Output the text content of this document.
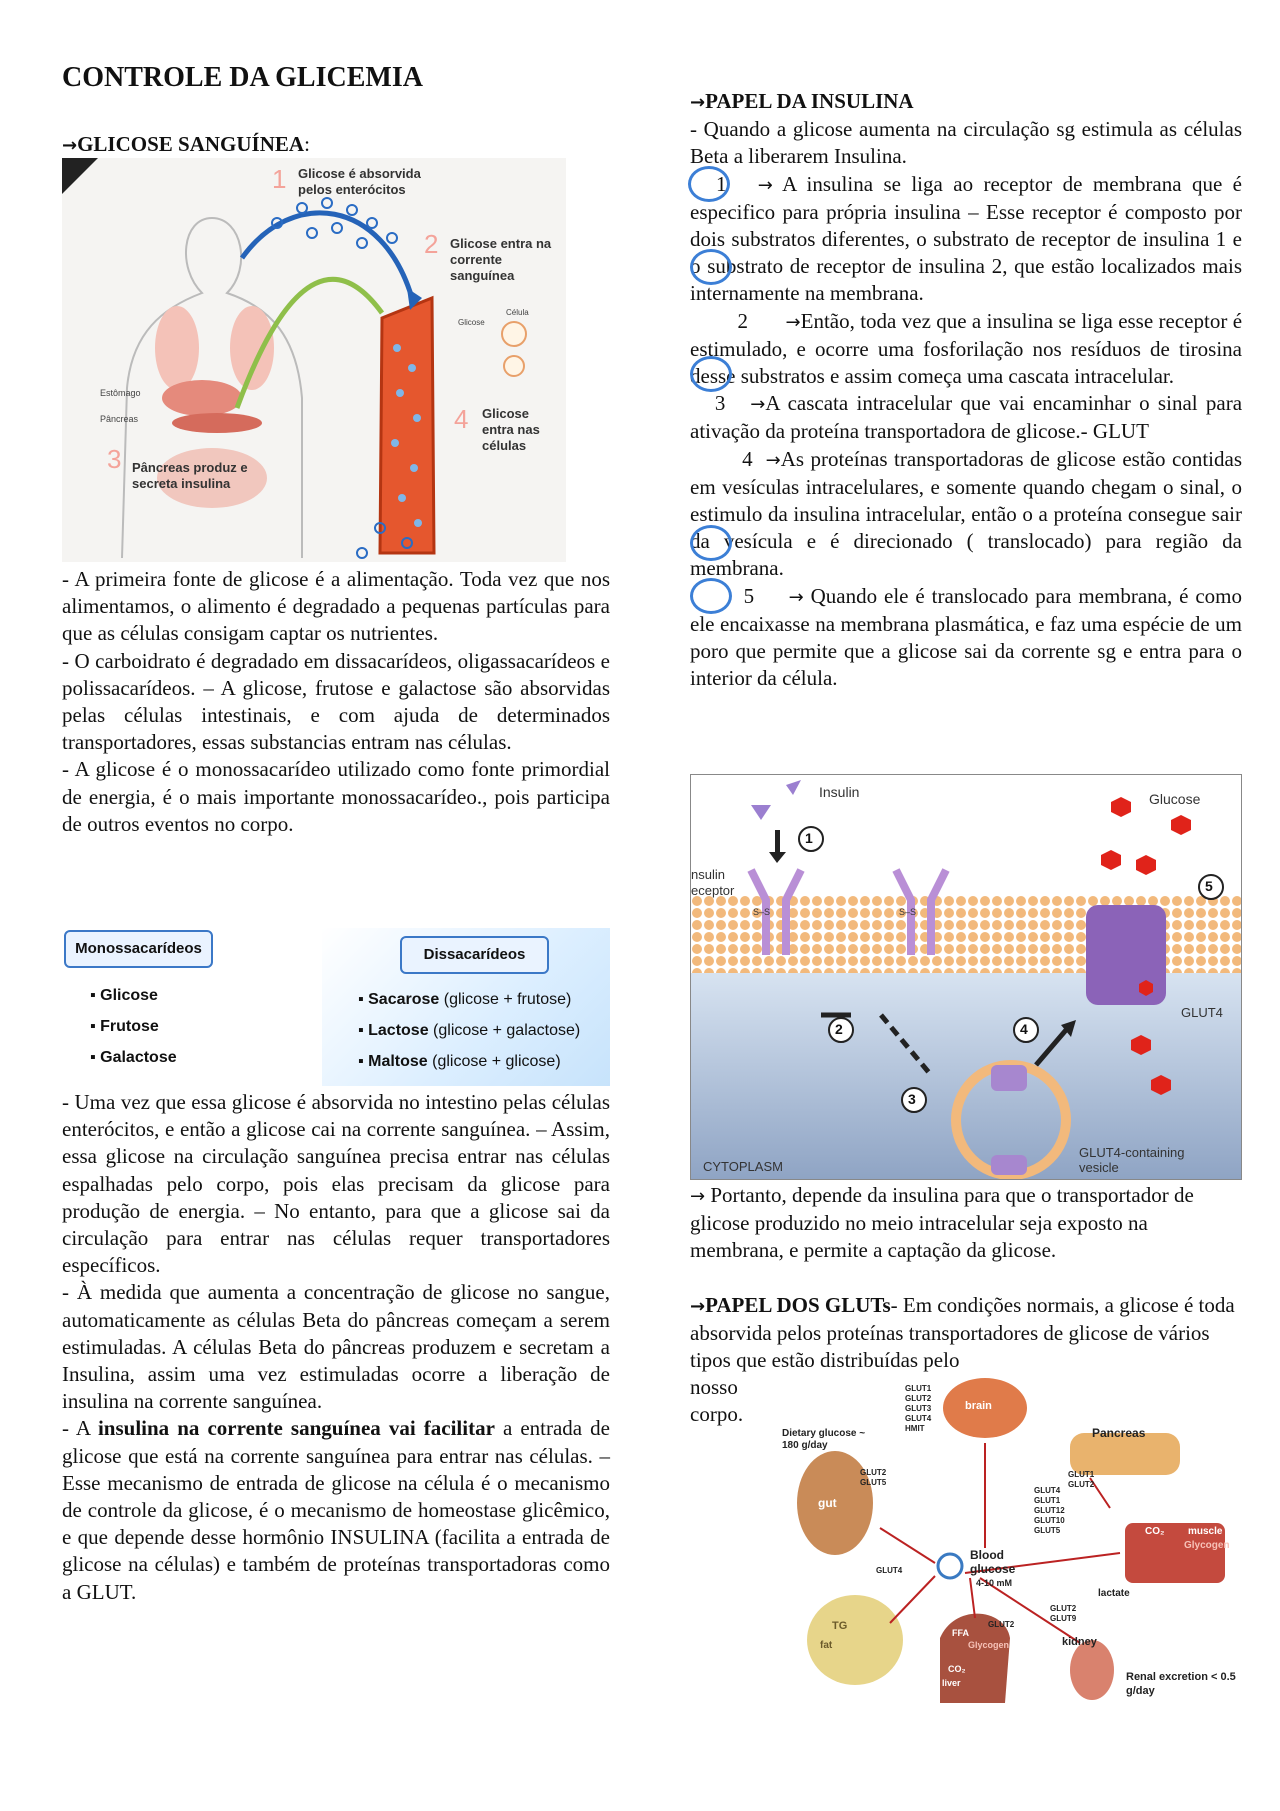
CONTROLE DA GLICEMIA
→GLICOSE SANGUÍNEA:
1
2
3
4
Glicose é absorvida pelos enterócitos
Glicose entra na corrente sanguínea
Pâncreas produz e secreta insulina
Glicose entra nas células
Estômago
Pâncreas
Glicose
Célula

- A primeira fonte de glicose é a alimentação. Toda vez que nos alimentamos, o alimento é degradado a pequenas partículas para que as células consigam captar os nutrientes.

- O carboidrato é degradado em dissacarídeos, oligassacarídeos e polissacarídeos. – A glicose, frutose e galactose são absorvidas pelas células intestinais, e com ajuda de determinados transportadores, essas substancias entram nas células.

- A glicose é o monossacarídeo utilizado como fonte primordial de energia, é o mais importante monossacarídeo., pois participa de outros eventos no corpo.

Monossacarídeos	Dissacarídeos
▪ Glicose
▪ Frutose
▪ Galactose
▪ Sacarose (glicose + frutose)
▪ Lactose (glicose + galactose)
▪ Maltose (glicose + glicose)

- Uma vez que essa glicose é absorvida no intestino pelas células enterócitos, e então a glicose cai na corrente sanguínea. – Assim, essa glicose na circulação sanguínea precisa entrar nas células espalhadas pelo corpo, pois elas precisam da glicose para produção de energia. – No entanto, para que a glicose sai da circulação para entrar nas células requer transportadores específicos.

- À medida que aumenta a concentração de glicose no sangue, automaticamente as células Beta do pâncreas começam a serem estimuladas. A células Beta do pâncreas produzem e secretam a Insulina, assim uma vez estimuladas ocorre a liberação de insulina na corrente sanguínea.

- A insulina na corrente sanguínea vai facilitar a entrada de glicose que está na corrente sanguínea para entrar nas células. – Esse mecanismo de entrada de glicose na célula é o mecanismo de controle da glicose, é o mecanismo de homeostase glicêmico, e que depende desse hormônio INSULINA (facilita a entrada de glicose na células) e também de proteínas transportadoras como a GLUT.

→PAPEL DA INSULINA

- Quando a glicose aumenta na circulação sg estimula as células Beta a liberarem Insulina.

1 → A insulina se liga ao receptor de membrana que é especifico para própria insulina – Esse receptor é composto por dois substratos diferentes, o substrato de receptor de insulina 1 e o substrato de receptor de insulina 2, que estão localizados mais internamente na membrana.

2 →Então, toda vez que a insulina se liga esse receptor é estimulado, e ocorre uma fosforilação nos resíduos de tirosina desse substratos e assim começa uma cascata intracelular.

3 →A cascata intracelular que vai encaminhar o sinal para ativação da proteína transportadora de glicose.- GLUT

4 →As proteínas transportadoras de glicose estão contidas em vesículas intracelulares, e somente quando chegam o sinal, o estimulo da insulina intracelular, então o a proteína consegue sair da vesícula e é direcionado ( translocado) para região da membrana.

5 → Quando ele é translocado para membrana, é como ele encaixasse na membrana plasmática, e faz uma espécie de um poro que permite que a glicose sai da corrente sg e entra para o interior da célula.

1
2
3
4
5
Insulin	Glucose
nsulin eceptor
GLUT4
CYTOPLASM
GLUT4-containing vesicle
S–S	S–S

→ Portanto, depende da insulina para que o transportador de glicose produzido no meio intracelular seja exposto na membrana, e permite a captação da glicose.

→PAPEL DOS GLUTs- Em condições normais, a glicose é toda absorvida pelos proteínas transportadores de glicose de vários tipos que estão distribuídas pelo

nosso corpo.	brain
Pancreas
gut
Dietary glucose ~ 180 g/day
Blood glucose
4-10 mM
muscle
Glycogen
CO₂
lactate
kidney
Renal excretion < 0.5 g/day
liver
CO₂
FFA
Glycogen
fat
TG
GLUT1
GLUT2
GLUT3
GLUT4
HMIT
GLUT2
GLUT5
GLUT4
GLUT1
GLUT12
GLUT10
GLUT5
GLUT1
GLUT2
GLUT4
GLUT2
GLUT2
GLUT9
